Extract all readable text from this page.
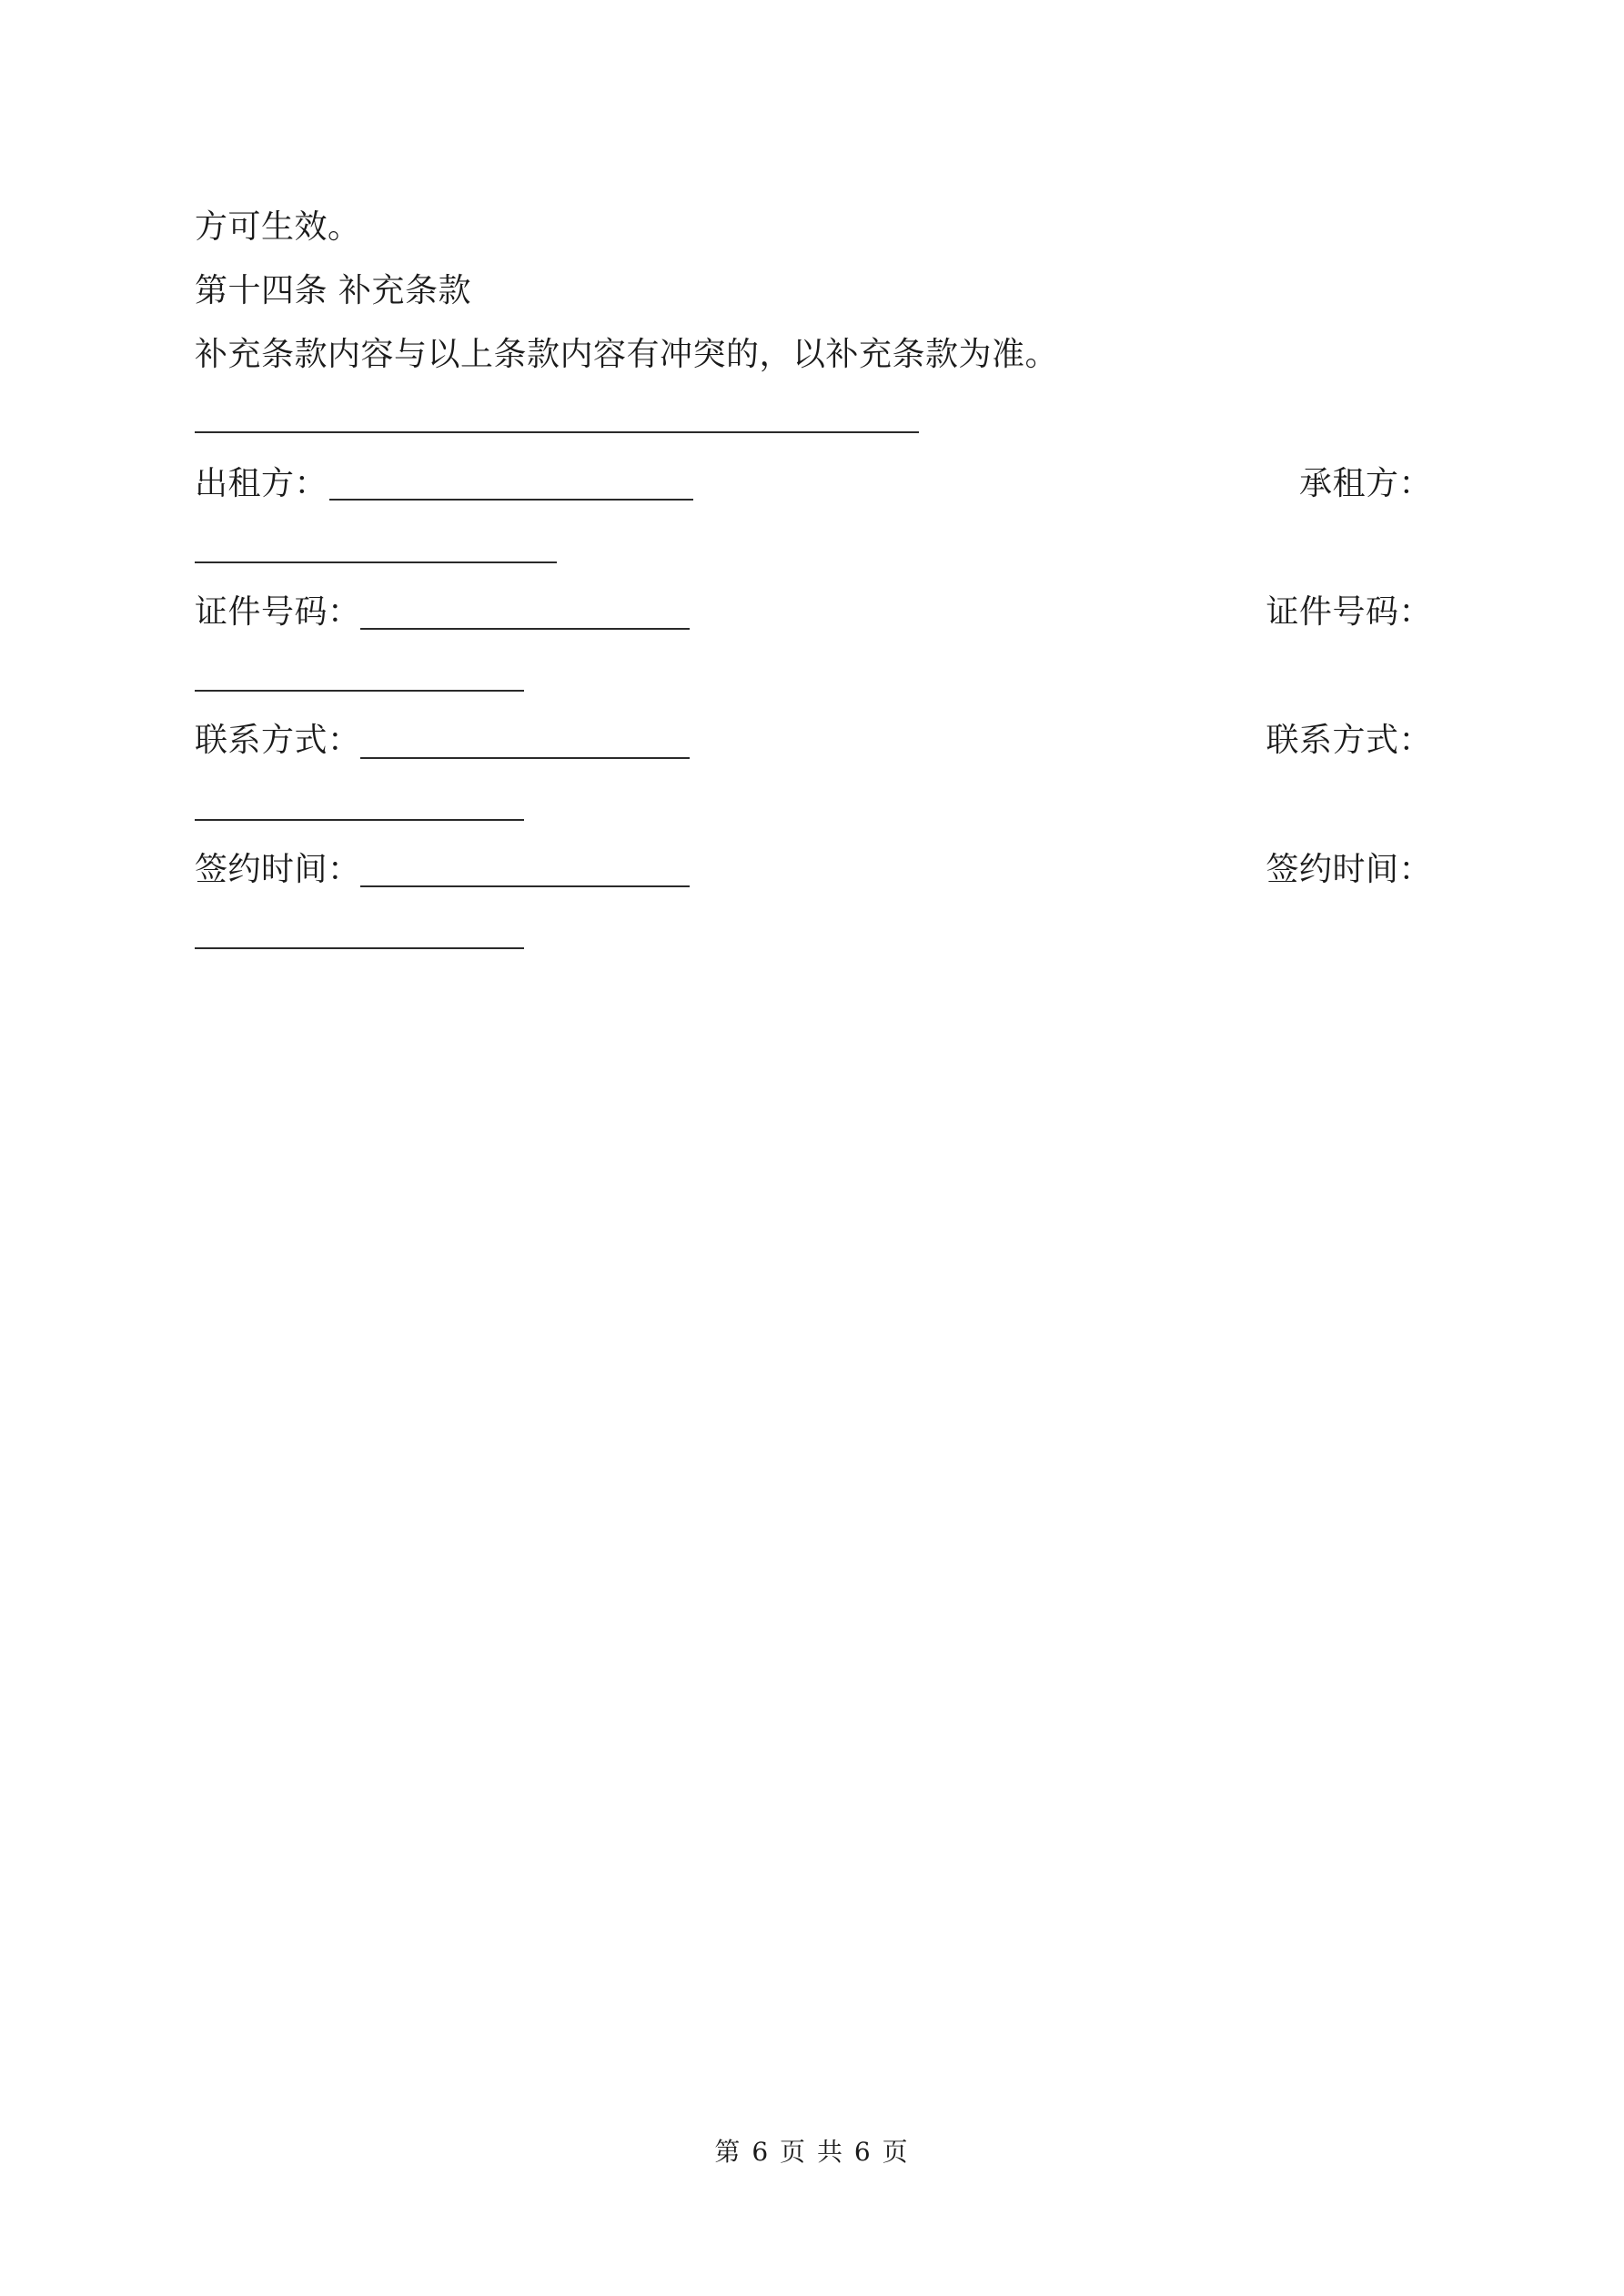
方可生效。
第十四条 补充条款
补充条款内容与以上条款内容有冲突的，以补充条款为准。
出租方：	承租方：
证件号码：	证件号码：
联系方式：	联系方式：
签约时间：	签约时间：
第 6 页 共 6 页
